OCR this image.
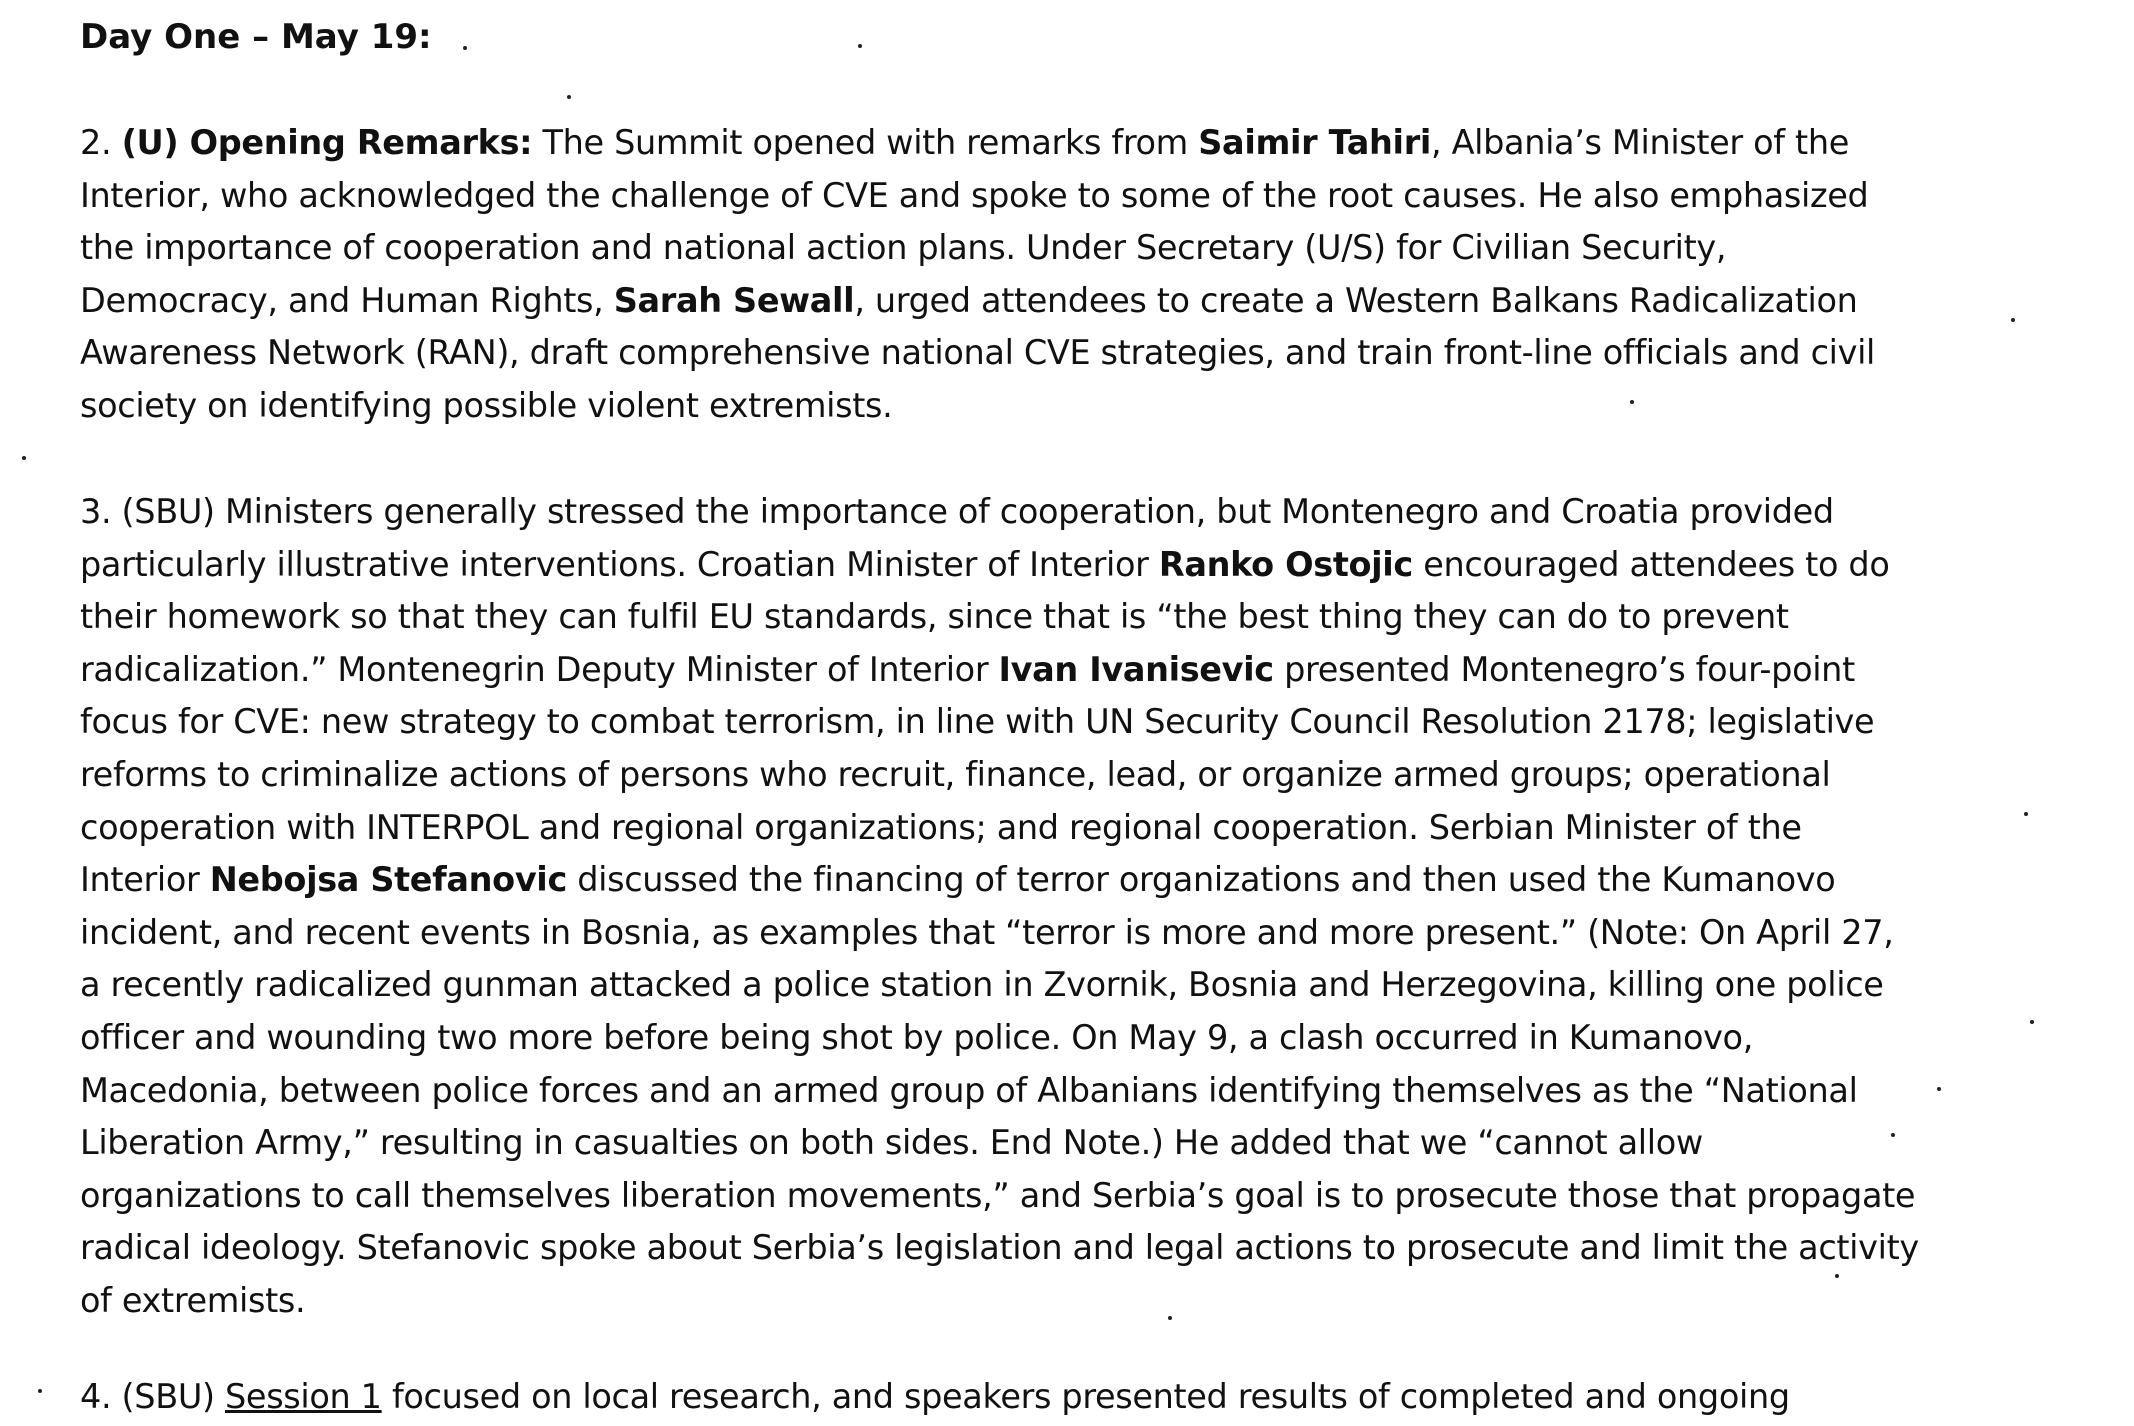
Day One – May 19:
2. (U) Opening Remarks: The Summit opened with remarks from Saimir Tahiri, Albania’s Minister of the
Interior, who acknowledged the challenge of CVE and spoke to some of the root causes. He also emphasized
the importance of cooperation and national action plans. Under Secretary (U/S) for Civilian Security,
Democracy, and Human Rights, Sarah Sewall, urged attendees to create a Western Balkans Radicalization
Awareness Network (RAN), draft comprehensive national CVE strategies, and train front-line officials and civil
society on identifying possible violent extremists.
3. (SBU) Ministers generally stressed the importance of cooperation, but Montenegro and Croatia provided
particularly illustrative interventions. Croatian Minister of Interior Ranko Ostojic encouraged attendees to do
their homework so that they can fulfil EU standards, since that is “the best thing they can do to prevent
radicalization.” Montenegrin Deputy Minister of Interior Ivan Ivanisevic presented Montenegro’s four-point
focus for CVE: new strategy to combat terrorism, in line with UN Security Council Resolution 2178; legislative
reforms to criminalize actions of persons who recruit, finance, lead, or organize armed groups; operational
cooperation with INTERPOL and regional organizations; and regional cooperation. Serbian Minister of the
Interior Nebojsa Stefanovic discussed the financing of terror organizations and then used the Kumanovo
incident, and recent events in Bosnia, as examples that “terror is more and more present.” (Note: On April 27,
a recently radicalized gunman attacked a police station in Zvornik, Bosnia and Herzegovina, killing one police
officer and wounding two more before being shot by police. On May 9, a clash occurred in Kumanovo,
Macedonia, between police forces and an armed group of Albanians identifying themselves as the “National
Liberation Army,” resulting in casualties on both sides. End Note.) He added that we “cannot allow
organizations to call themselves liberation movements,” and Serbia’s goal is to prosecute those that propagate
radical ideology. Stefanovic spoke about Serbia’s legislation and legal actions to prosecute and limit the activity
of extremists.
4. (SBU) Session 1 focused on local research, and speakers presented results of completed and ongoing
